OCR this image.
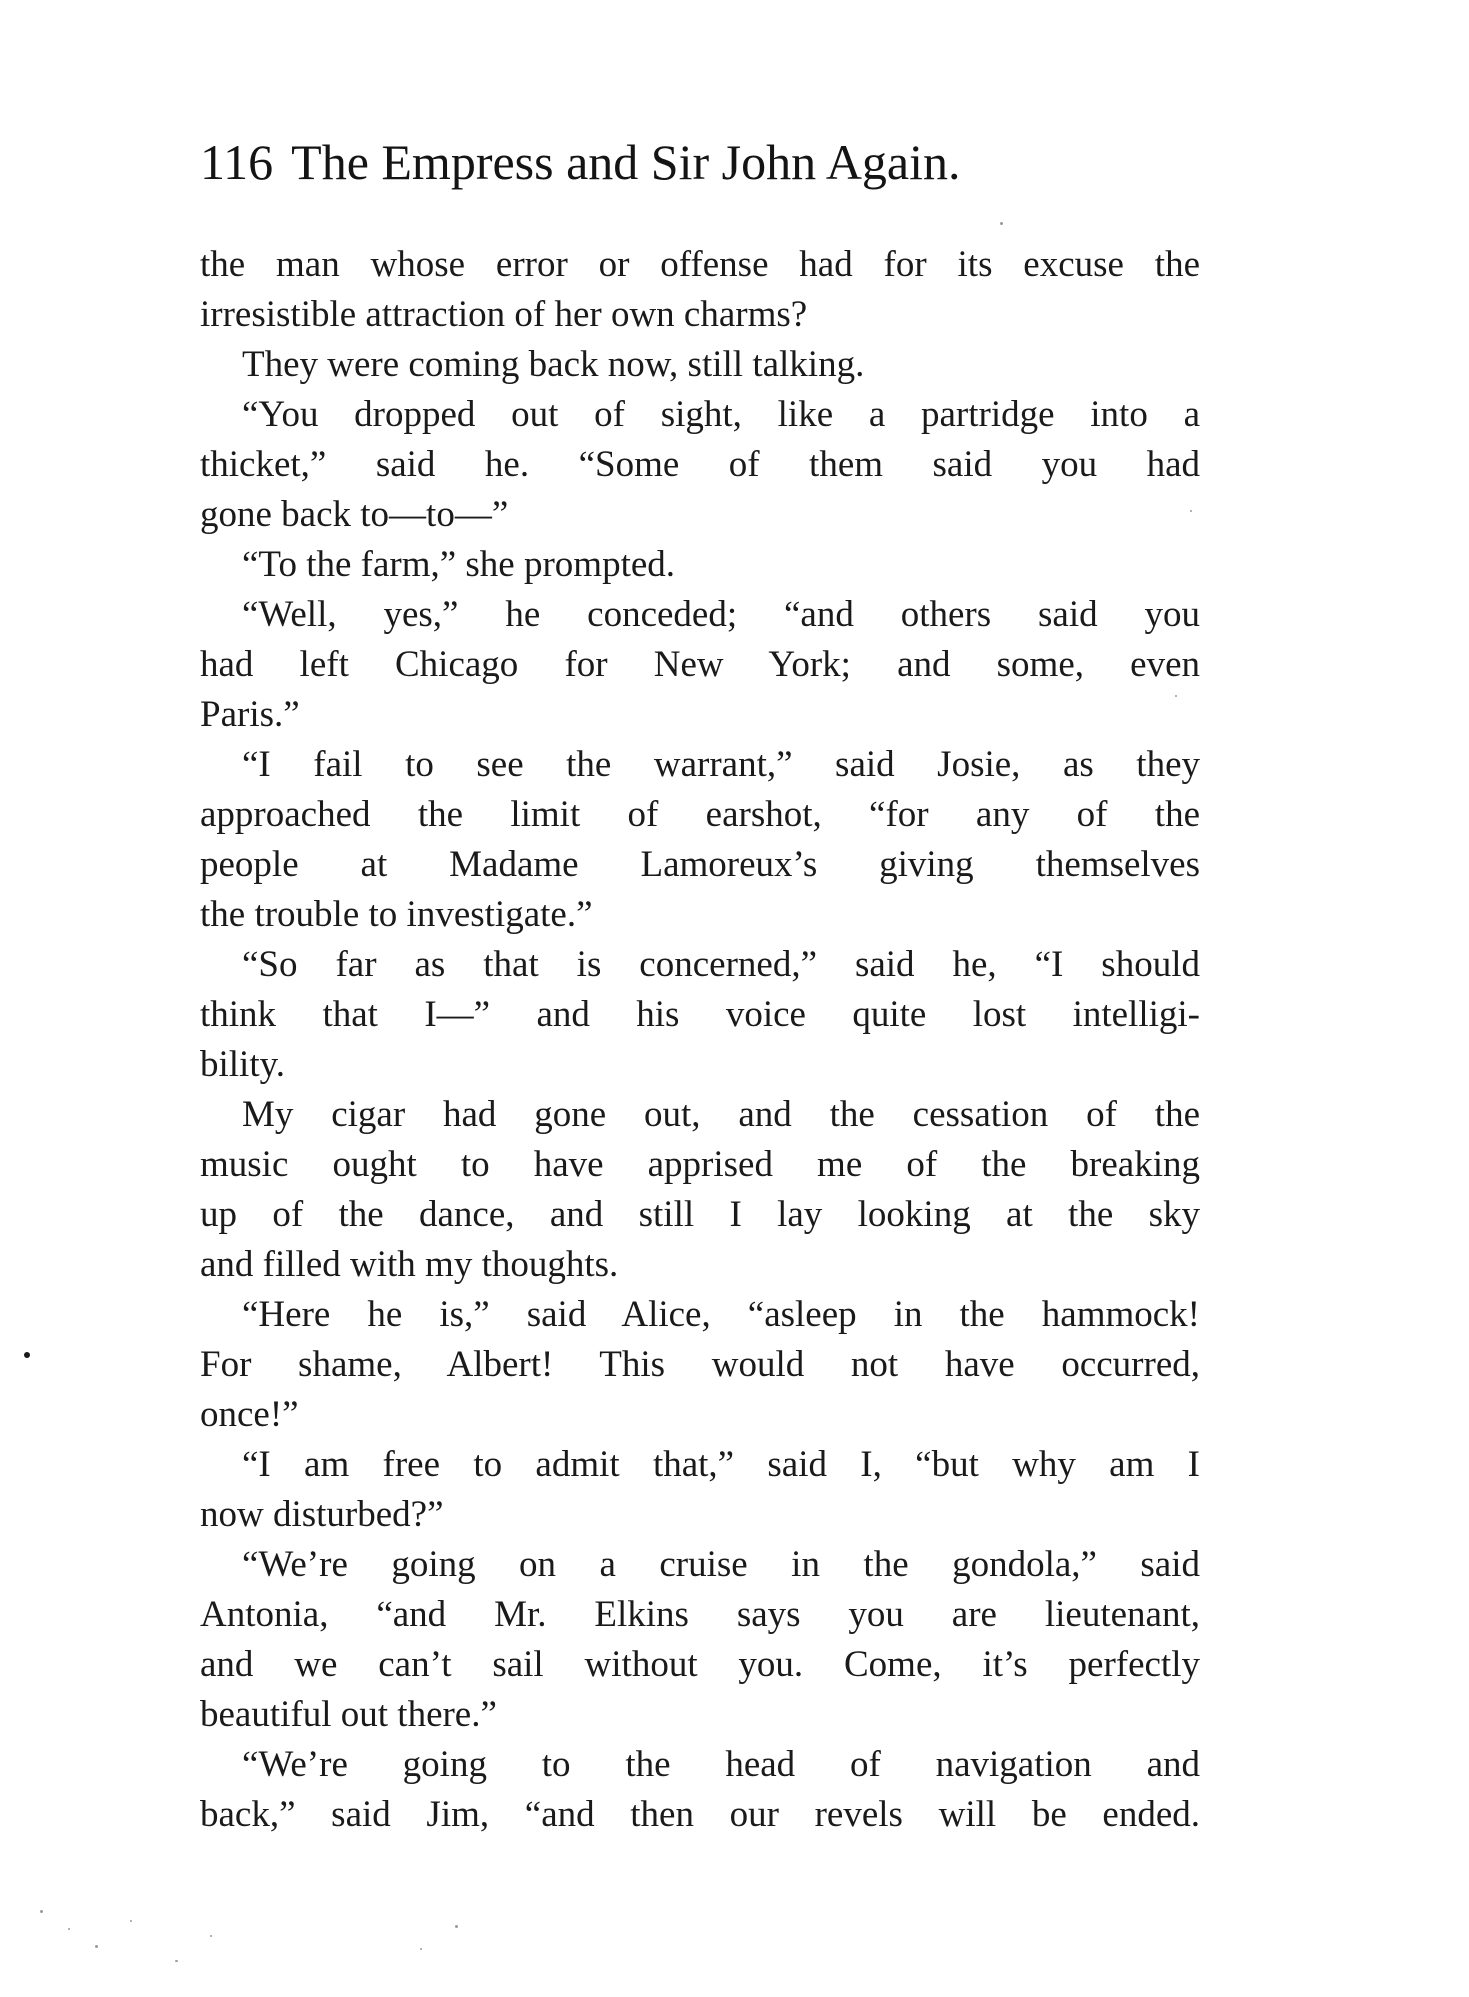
116 The Empress and Sir John Again.
the man whose error or offense had for its excuse the
irresistible attraction of her own charms?
They were coming back now, still talking.
“You dropped out of sight, like a partridge into a
thicket,” said he. “Some of them said you had
gone back to—to—”
“To the farm,” she prompted.
“Well, yes,” he conceded; “and others said you
had left Chicago for New York; and some, even
Paris.”
“I fail to see the warrant,” said Josie, as they
approached the limit of earshot, “for any of the
people at Madame Lamoreux’s giving themselves
the trouble to investigate.”
“So far as that is concerned,” said he, “I should
think that I—” and his voice quite lost intelligi-
bility.
My cigar had gone out, and the cessation of the
music ought to have apprised me of the breaking
up of the dance, and still I lay looking at the sky
and filled with my thoughts.
“Here he is,” said Alice, “asleep in the hammock!
For shame, Albert! This would not have occurred,
once!”
“I am free to admit that,” said I, “but why am I
now disturbed?”
“We’re going on a cruise in the gondola,” said
Antonia, “and Mr. Elkins says you are lieutenant,
and we can’t sail without you. Come, it’s perfectly
beautiful out there.”
“We’re going to the head of navigation and
back,” said Jim, “and then our revels will be ended.
